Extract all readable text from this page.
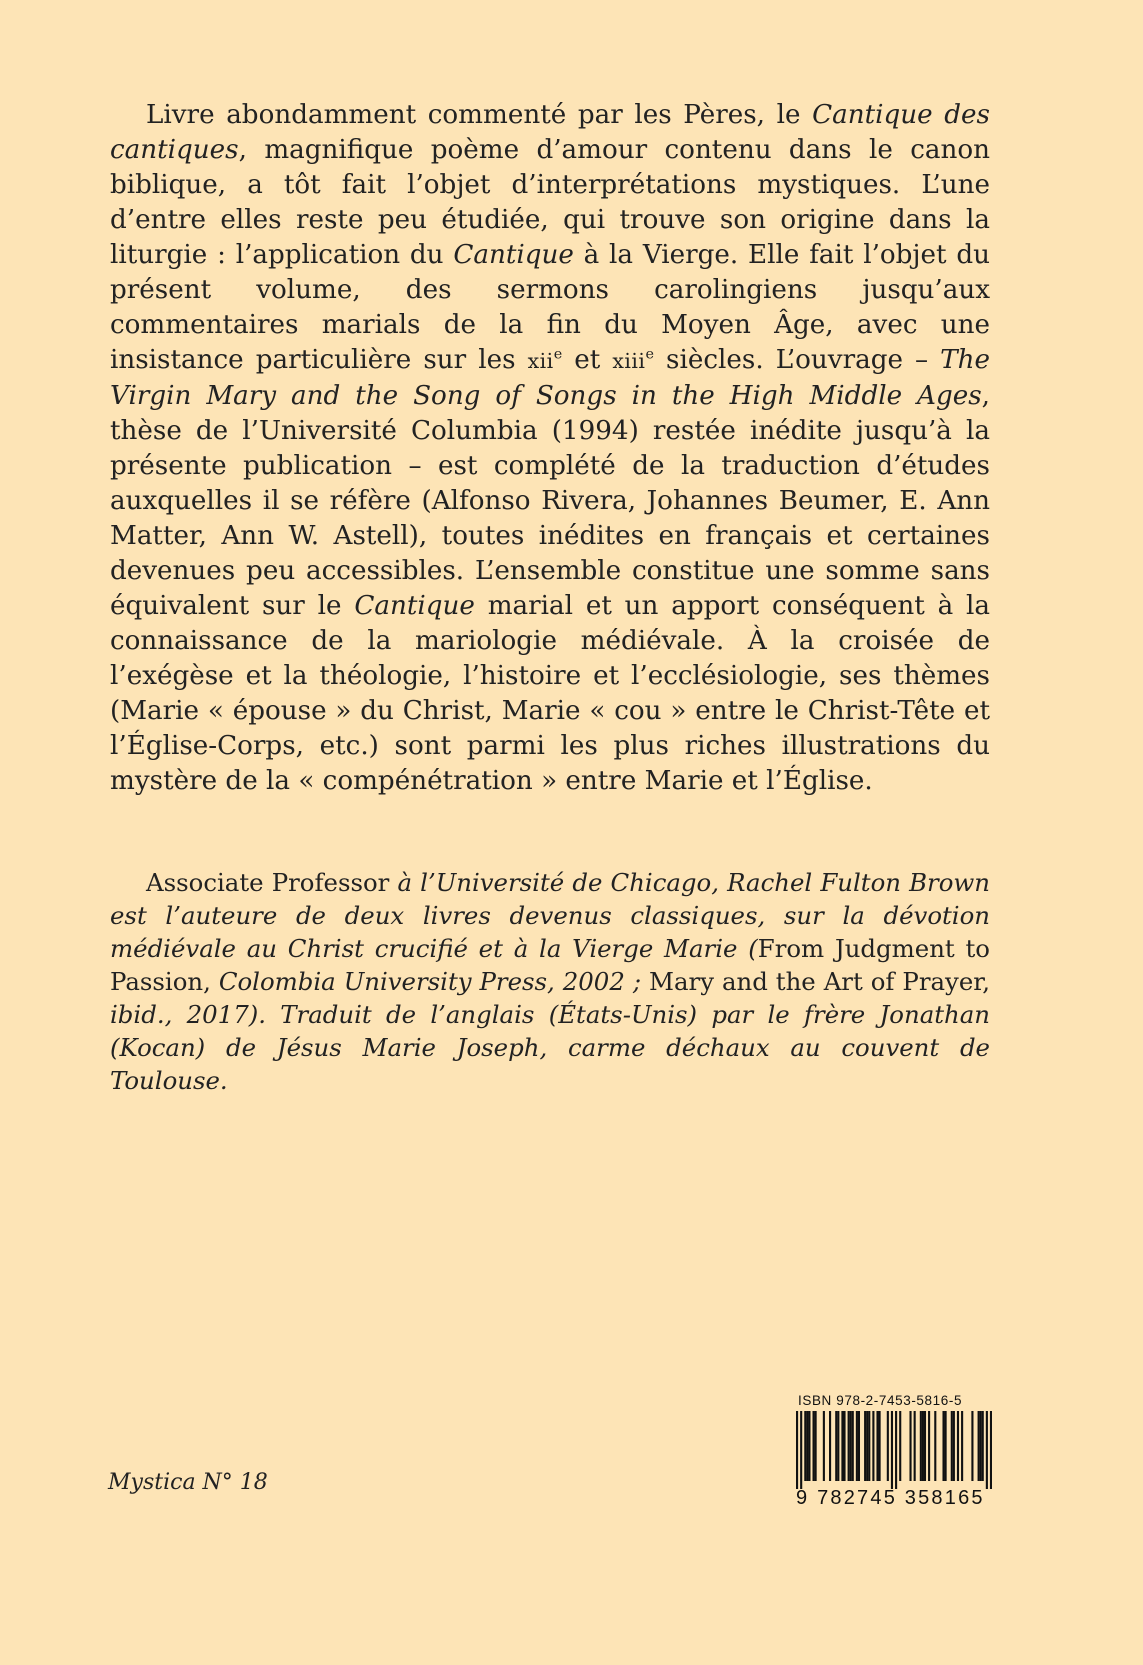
Livre abondamment commenté par les Pères, le Cantique des cantiques, magnifique poème d’amour contenu dans le canon biblique, a tôt fait l’objet d’interprétations mystiques. L’une d’entre elles reste peu étudiée, qui trouve son origine dans la liturgie : l’application du Cantique à la Vierge. Elle fait l’objet du présent volume, des sermons carolingiens jusqu’aux commentaires marials de la fin du Moyen Âge, avec une insistance particulière sur les xii$^e$ et xiii$^e$ siècles. L’ouvrage – The Virgin Mary and the Song of Songs in the High Middle Ages, thèse de l’Université Columbia (1994) restée inédite jusqu’à la présente publication – est complété de la traduction d’études auxquelles il se réfère (Alfonso Rivera, Johannes Beumer, E. Ann Matter, Ann W. Astell), toutes inédites en français et certaines devenues peu accessibles. L’ensemble constitue une somme sans équivalent sur le Cantique marial et un apport conséquent à la connaissance de la mariologie médiévale. À la croisée de l’exégèse et la théologie, l’histoire et l’ecclésiologie, ses thèmes (Marie « épouse » du Christ, Marie « cou » entre le Christ-Tête et l’Église-Corps, etc.) sont parmi les plus riches illustrations du mystère de la « compénétration » entre Marie et l’Église.

Associate Professor à l’Université de Chicago, Rachel Fulton Brown est l’auteure de deux livres devenus classiques, sur la dévotion médiévale au Christ crucifié et à la Vierge Marie (From Judgment to Passion, Colombia University Press, 2002 ; Mary and the Art of Prayer, ibid., 2017). Traduit de l’anglais (États-Unis) par le frère Jonathan (Kocan) de Jésus Marie Joseph, carme déchaux au couvent de Toulouse.

Mystica N° 18

ISBN 978-2-7453-5816-5
9 782745 358165
